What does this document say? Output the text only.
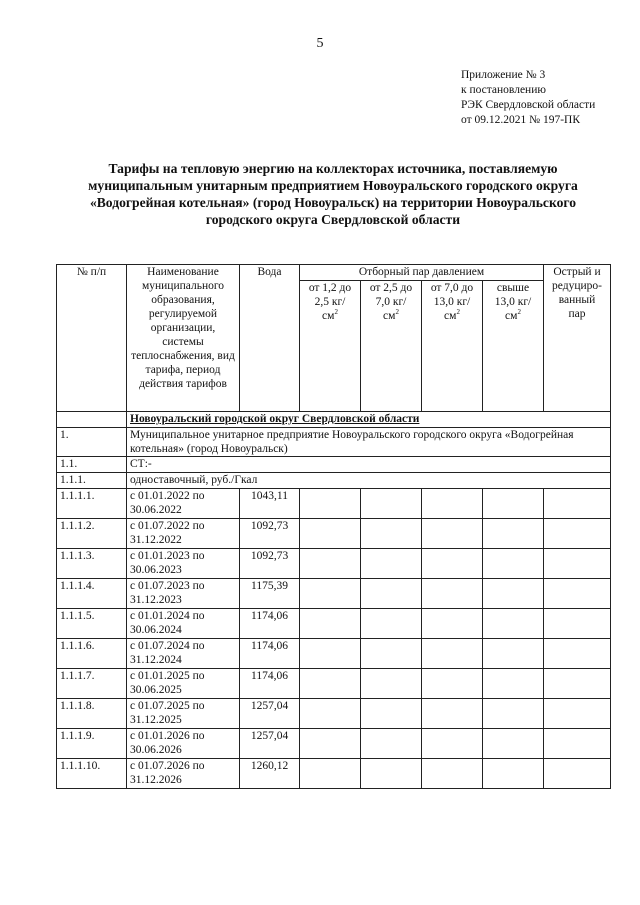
5
Приложение № 3
к постановлению
РЭК Свердловской области
от 09.12.2021 № 197-ПК
Тарифы на тепловую энергию на коллекторах источника, поставляемую муниципальным унитарным предприятием Новоуральского городского округа «Водогрейная котельная» (город Новоуральск) на территории Новоуральского городского округа Свердловской области
№ п/п	Наименование муниципального образования, регулируемой организации, системы теплоснабжения, вид тарифа, период действия тарифов	Вода	Отборный пар давлением				Острый и редуциро-ванный пар
			от 1,2 до 2,5 $кг/см^2$	от 2,5 до 7,0 $кг/см^2$	от 7,0 до 13,0 $кг/см^2$	свыше 13,0 $кг/см^2$
	Новоуральский городской округ Свердловской области						
1.	Муниципальное унитарное предприятие Новоуральского городского округа «Водогрейная котельная» (город Новоуральск)						
1.1.	СТ:-						
1.1.1.	одноставочный, руб./Гкал						
1.1.1.1.	с 01.01.2022 по 30.06.2022	1043,11					
1.1.1.2.	с 01.07.2022 по 31.12.2022	1092,73					
1.1.1.3.	с 01.01.2023 по 30.06.2023	1092,73					
1.1.1.4.	с 01.07.2023 по 31.12.2023	1175,39					
1.1.1.5.	с 01.01.2024 по 30.06.2024	1174,06					
1.1.1.6.	с 01.07.2024 по 31.12.2024	1174,06					
1.1.1.7.	с 01.01.2025 по 30.06.2025	1174,06					
1.1.1.8.	с 01.07.2025 по 31.12.2025	1257,04					
1.1.1.9.	с 01.01.2026 по 30.06.2026	1257,04					
1.1.1.10.	с 01.07.2026 по 31.12.2026	1260,12					
